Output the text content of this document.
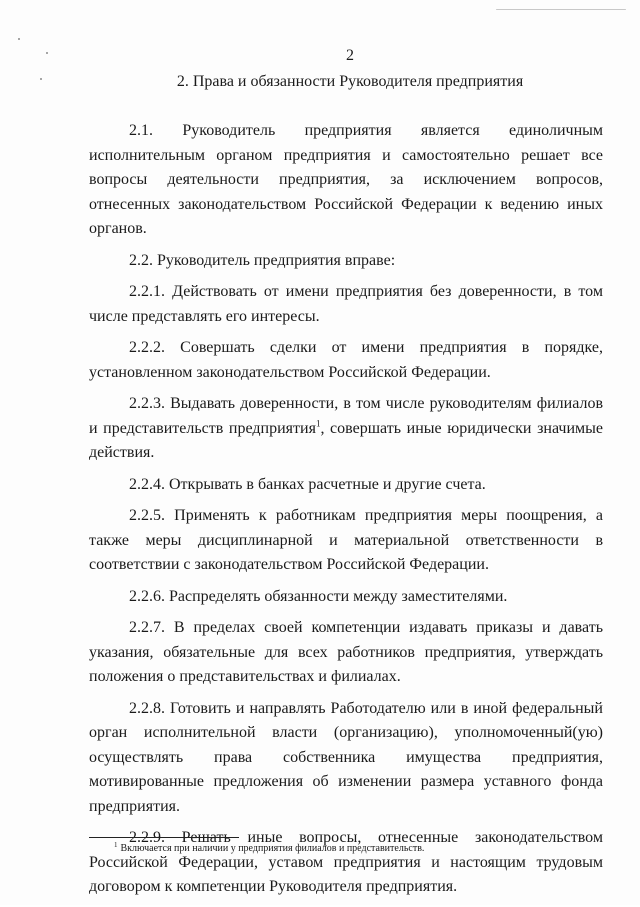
2
2. Права и обязанности Руководителя предприятия

2.1. Руководитель предприятия является единоличным исполнительным органом предприятия и самостоятельно решает все вопросы деятельности предприятия, за исключением вопросов, отнесенных законодательством Российской Федерации к ведению иных органов.

2.2. Руководитель предприятия вправе:

2.2.1. Действовать от имени предприятия без доверенности, в том числе представлять его интересы.

2.2.2. Совершать сделки от имени предприятия в порядке, установленном законодательством Российской Федерации.

2.2.3. Выдавать доверенности, в том числе руководителям филиалов и представительств предприятия$^1$, совершать иные юридически значимые действия.

2.2.4. Открывать в банках расчетные и другие счета.

2.2.5. Применять к работникам предприятия меры поощрения, а также меры дисциплинарной и материальной ответственности в соответствии с законодательством Российской Федерации.

2.2.6. Распределять обязанности между заместителями.

2.2.7. В пределах своей компетенции издавать приказы и давать указания, обязательные для всех работников предприятия, утверждать положения о представительствах и филиалах.

2.2.8. Готовить и направлять Работодателю или в иной федеральный орган исполнительной власти (организацию), уполномоченный(ую) осуществлять права собственника имущества предприятия, мотивированные предложения об изменении размера уставного фонда предприятия.

2.2.9. Решать иные вопросы, отнесенные законодательством Российской Федерации, уставом предприятия и настоящим трудовым договором к компетенции Руководителя предприятия.

$^1$ Включается при наличии у предприятия филиалов и представительств.
